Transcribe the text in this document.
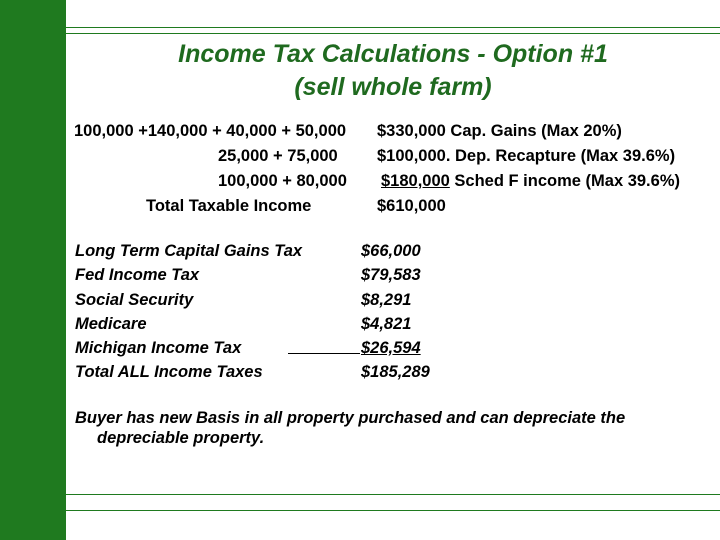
Income Tax Calculations - Option #1
(sell whole farm)
100,000 +140,000 + 40,000 + 50,000 $330,000 Cap. Gains (Max 20%)
25,000 + 75,000 $100,000. Dep. Recapture (Max 39.6%)
100,000 + 80,000 $180,000 Sched F income (Max 39.6%)
Total Taxable Income	$610,000
Long Term Capital Gains Tax	$66,000
Fed Income Tax	$79,583
Social Security	$8,291
Medicare	$4,821
Michigan Income Tax	$26,594
Total ALL Income Taxes	$185,289
Buyer has new Basis in all property purchased and can depreciate the
depreciable property.
